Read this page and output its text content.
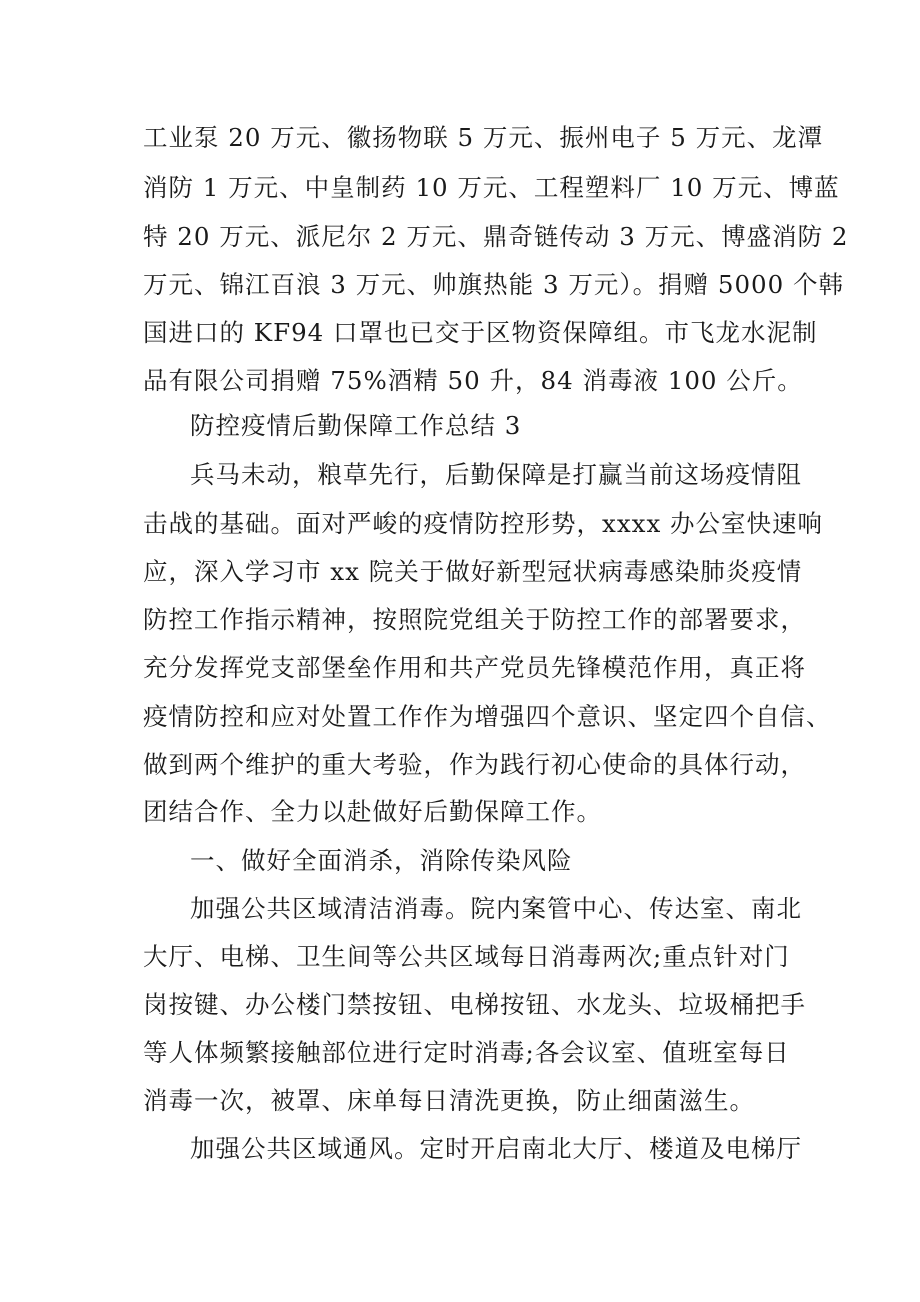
工业泵 20 万元、徽扬物联 5 万元、振州电子 5 万元、龙潭
消防 1 万元、中皇制药 10 万元、工程塑料厂 10 万元、博蓝
特 20 万元、派尼尔 2 万元、鼎奇链传动 3 万元、博盛消防 2
万元、锦江百浪 3 万元、帅旗热能 3 万元）。捐赠 5000 个韩
国进口的 KF94 口罩也已交于区物资保障组。市飞龙水泥制
品有限公司捐赠 75%酒精 50 升，84 消毒液 100 公斤。
防控疫情后勤保障工作总结 3
兵马未动，粮草先行，后勤保障是打赢当前这场疫情阻
击战的基础。面对严峻的疫情防控形势，xxxx 办公室快速响
应，深入学习市 xx 院关于做好新型冠状病毒感染肺炎疫情
防控工作指示精神，按照院党组关于防控工作的部署要求，
充分发挥党支部堡垒作用和共产党员先锋模范作用，真正将
疫情防控和应对处置工作作为增强四个意识、坚定四个自信、
做到两个维护的重大考验，作为践行初心使命的具体行动，
团结合作、全力以赴做好后勤保障工作。
一、做好全面消杀，消除传染风险
加强公共区域清洁消毒。院内案管中心、传达室、南北
大厅、电梯、卫生间等公共区域每日消毒两次;重点针对门
岗按键、办公楼门禁按钮、电梯按钮、水龙头、垃圾桶把手
等人体频繁接触部位进行定时消毒;各会议室、值班室每日
消毒一次，被罩、床单每日清洗更换，防止细菌滋生。
加强公共区域通风。定时开启南北大厅、楼道及电梯厅
